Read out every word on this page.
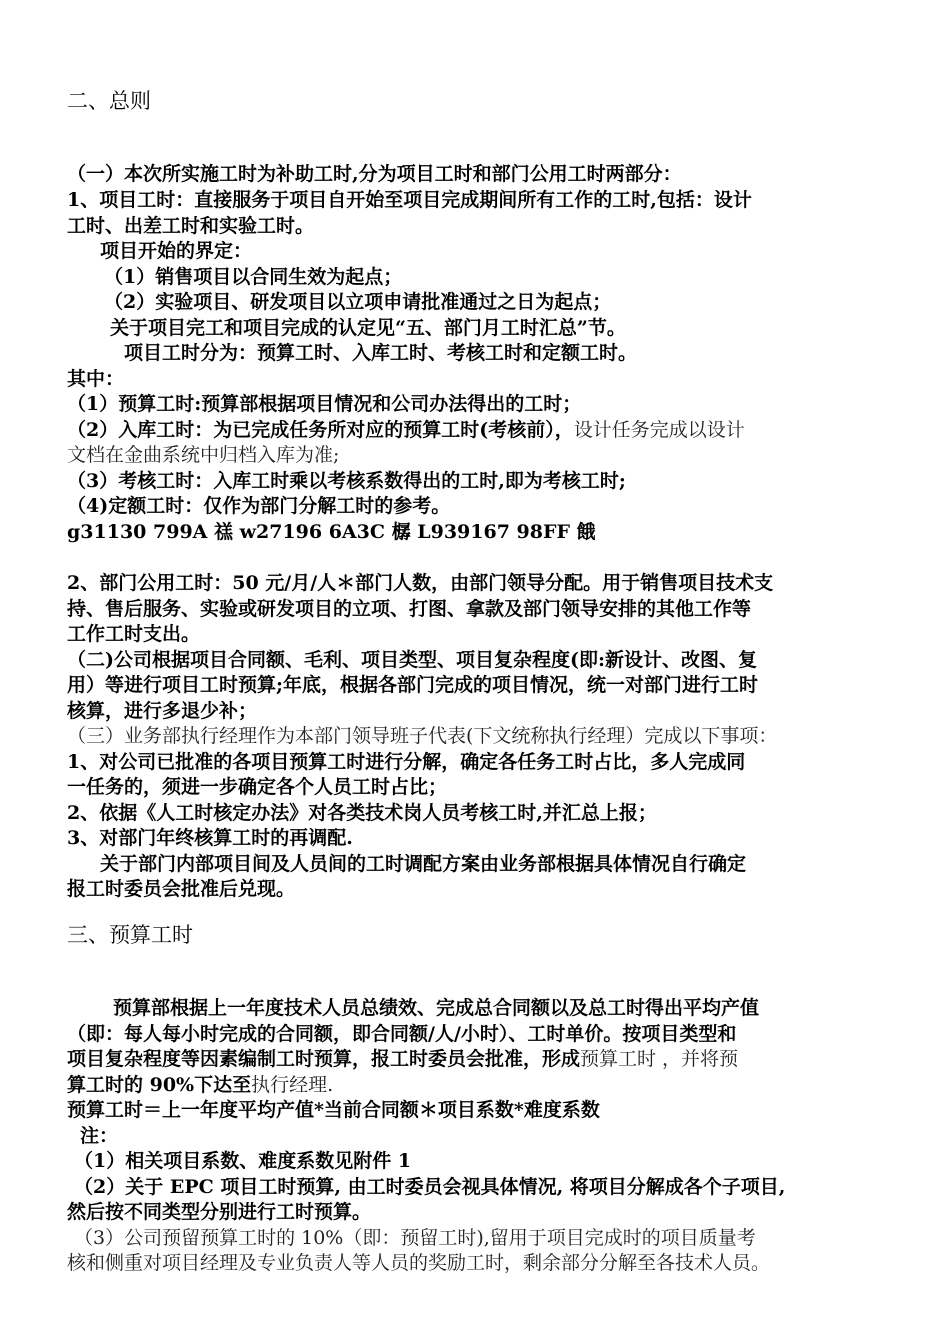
二、总则
（一）本次所实施工时为补助工时,分为项目工时和部门公用工时两部分：
1、项目工时：直接服务于项目自开始至项目完成期间所有工作的工时,包括：设计
工时、出差工时和实验工时。
项目开始的界定：
（1）销售项目以合同生效为起点；
（2）实验项目、研发项目以立项申请批准通过之日为起点；
关于项目完工和项目完成的认定见“五、部门月工时汇总”节。
项目工时分为：预算工时、入库工时、考核工时和定额工时。
其中：
（1）预算工时:预算部根据项目情况和公司办法得出的工时；
（2）入库工时：为已完成任务所对应的预算工时(考核前），设计任务完成以设计
文档在金曲系统中归档入库为准;
（3）考核工时：入库工时乘以考核系数得出的工时,即为考核工时;
（4)定额工时：仅作为部门分解工时的参考。
g31130 799A 禚 w27196 6A3C 樼 L939167 98FF 餓
2、部门公用工时：50 元/月/人＊部门人数，由部门领导分配。用于销售项目技术支
持、售后服务、实验或研发项目的立项、打图、拿款及部门领导安排的其他工作等
工作工时支出。
（二)公司根据项目合同额、毛利、项目类型、项目复杂程度(即:新设计、改图、复
用）等进行项目工时预算;年底，根据各部门完成的项目情况，统一对部门进行工时
核算，进行多退少补；
（三）业务部执行经理作为本部门领导班子代表(下文统称执行经理）完成以下事项：
1、对公司已批准的各项目预算工时进行分解，确定各任务工时占比，多人完成同
一任务的，须进一步确定各个人员工时占比；
2、依据《人工时核定办法》对各类技术岗人员考核工时,并汇总上报；
3、对部门年终核算工时的再调配.
关于部门内部项目间及人员间的工时调配方案由业务部根据具体情况自行确定
报工时委员会批准后兑现。
三、预算工时
预算部根据上一年度技术人员总绩效、完成总合同额以及总工时得出平均产值
（即：每人每小时完成的合同额，即合同额/人/小时）、工时单价。按项目类型和
项目复杂程度等因素编制工时预算，报工时委员会批准，形成预算工时 ，并将预
算工时的 90%下达至执行经理.
预算工时＝上一年度平均产值*当前合同额＊项目系数*难度系数
注：
（1）相关项目系数、难度系数见附件 1
（2）关于 EPC 项目工时预算, 由工时委员会视具体情况, 将项目分解成各个子项目,
然后按不同类型分别进行工时预算。
（3）公司预留预算工时的 10%（即：预留工时),留用于项目完成时的项目质量考
核和侧重对项目经理及专业负责人等人员的奖励工时，剩余部分分解至各技术人员。
